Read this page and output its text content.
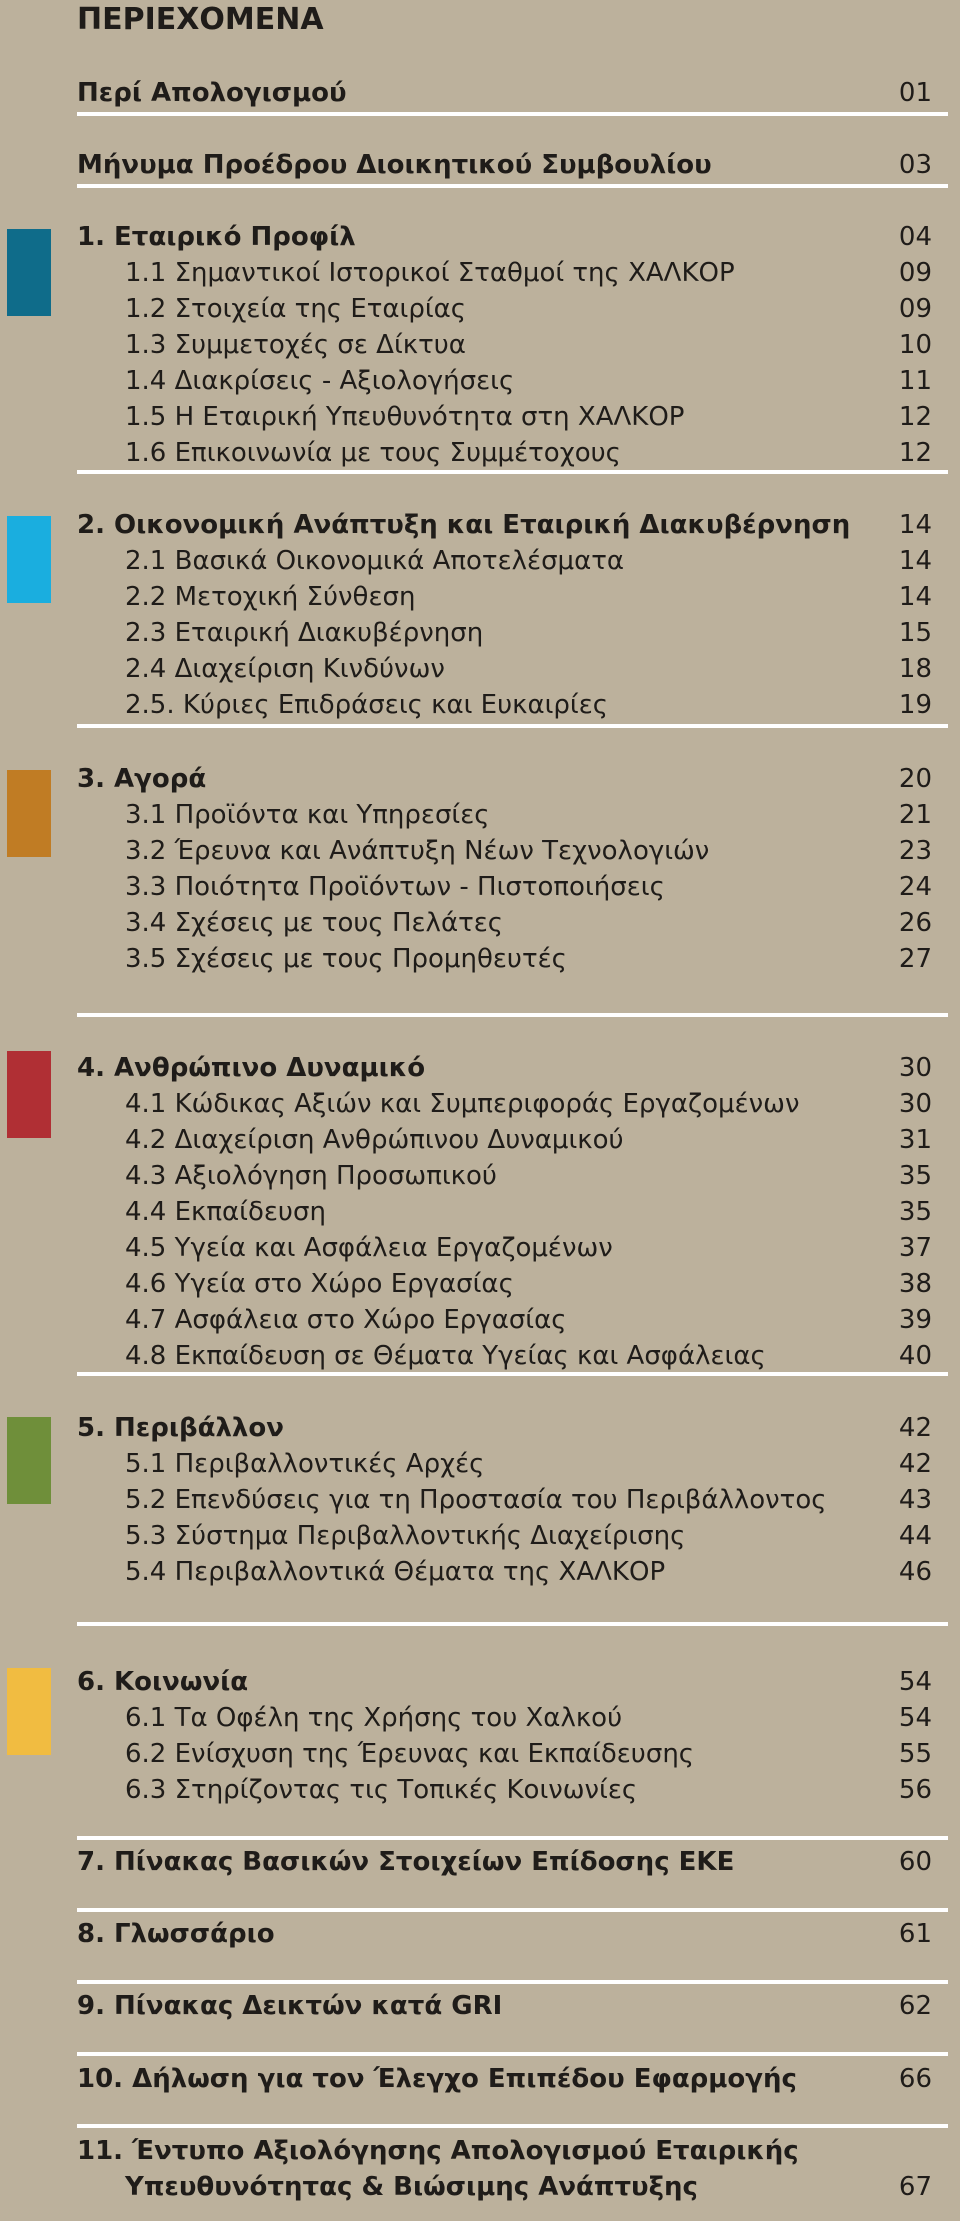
ΠΕΡΙΕΧΟΜΕΝΑ
Περί Απολογισμού	01
Μήνυμα Προέδρου Διοικητικού Συμβουλίου	03
1. Εταιρικό Προφίλ	04
1.1 Σημαντικοί Ιστορικοί Σταθμοί της ΧΑΛΚΟΡ	09
1.2 Στοιχεία της Εταιρίας	09
1.3 Συμμετοχές σε Δίκτυα	10
1.4 Διακρίσεις - Αξιολογήσεις	11
1.5 Η Εταιρική Υπευθυνότητα στη ΧΑΛΚΟΡ	12
1.6 Επικοινωνία με τους Συμμέτοχους	12
2. Οικονομική Ανάπτυξη και Εταιρική Διακυβέρνηση 14
2.1 Βασικά Οικονομικά Αποτελέσματα	14
2.2 Μετοχική Σύνθεση	14
2.3 Εταιρική Διακυβέρνηση	15
2.4 Διαχείριση Κινδύνων	18
2.5. Κύριες Επιδράσεις και Ευκαιρίες	19
3. Αγορά	20
3.1 Προϊόντα και Υπηρεσίες	21
3.2 Έρευνα και Ανάπτυξη Νέων Τεχνολογιών	23
3.3 Ποιότητα Προϊόντων - Πιστοποιήσεις	24
3.4 Σχέσεις με τους Πελάτες	26
3.5 Σχέσεις με τους Προμηθευτές	27
4. Ανθρώπινο Δυναμικό	30
4.1 Κώδικας Αξιών και Συμπεριφοράς Εργαζομένων	30
4.2 Διαχείριση Ανθρώπινου Δυναμικού	31
4.3 Αξιολόγηση Προσωπικού	35
4.4 Εκπαίδευση	35
4.5 Υγεία και Ασφάλεια Εργαζομένων	37
4.6 Υγεία στο Χώρο Εργασίας	38
4.7 Ασφάλεια στο Χώρο Εργασίας	39
4.8 Εκπαίδευση σε Θέματα Υγείας και Ασφάλειας	40
5. Περιβάλλον	42
5.1 Περιβαλλοντικές Αρχές	42
5.2 Επενδύσεις για τη Προστασία του Περιβάλλοντος	43
5.3 Σύστημα Περιβαλλοντικής Διαχείρισης	44
5.4 Περιβαλλοντικά Θέματα της ΧΑΛΚΟΡ	46
6. Κοινωνία	54
6.1 Τα Οφέλη της Χρήσης του Χαλκού	54
6.2 Ενίσχυση της Έρευνας και Εκπαίδευσης	55
6.3 Στηρίζοντας τις Τοπικές Κοινωνίες	56
7. Πίνακας Βασικών Στοιχείων Επίδοσης ΕΚΕ	60
8. Γλωσσάριο	61
9. Πίνακας Δεικτών κατά GRI	62
10. Δήλωση για τον Έλεγχο Επιπέδου Εφαρμογής	66
11. Έντυπο Αξιολόγησης Απολογισμού Εταιρικής
Υπευθυνότητας & Βιώσιμης Ανάπτυξης	67
